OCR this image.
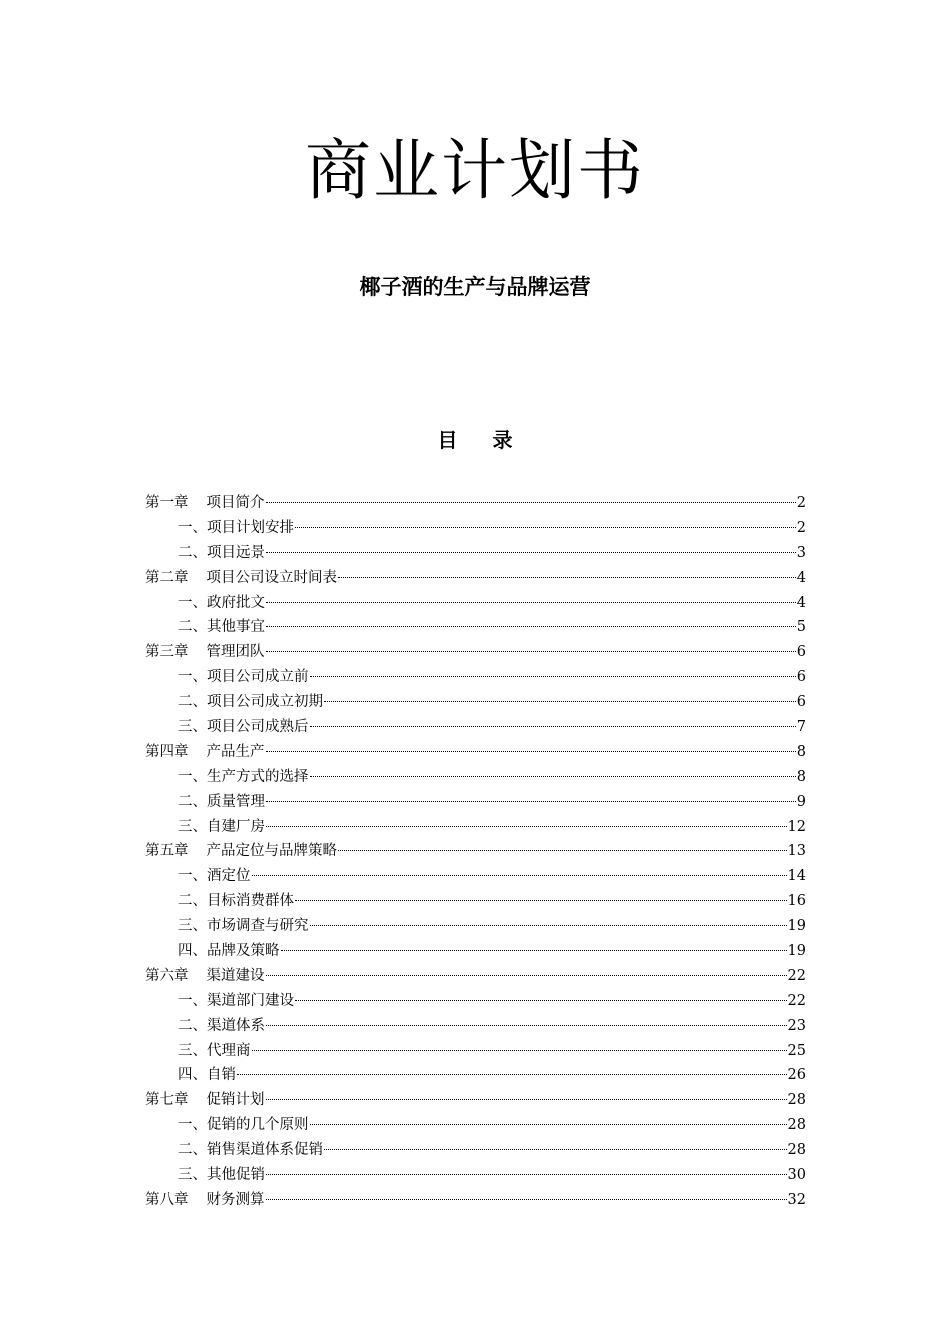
商业计划书
椰子酒的生产与品牌运营
目 录
第一章 项目简介	2
一、项目计划安排	2
二、项目远景	3
第二章 项目公司设立时间表	4
一、政府批文	4
二、其他事宜	5
第三章 管理团队	6
一、项目公司成立前	6
二、项目公司成立初期	6
三、项目公司成熟后	7
第四章 产品生产	8
一、生产方式的选择	8
二、质量管理	9
三、自建厂房	12
第五章 产品定位与品牌策略	13
一、酒定位	14
二、目标消费群体	16
三、市场调查与研究	19
四、品牌及策略	19
第六章 渠道建设	22
一、渠道部门建设	22
二、渠道体系	23
三、代理商	25
四、自销	26
第七章 促销计划	28
一、促销的几个原则	28
二、销售渠道体系促销	28
三、其他促销	30
第八章 财务测算	32
